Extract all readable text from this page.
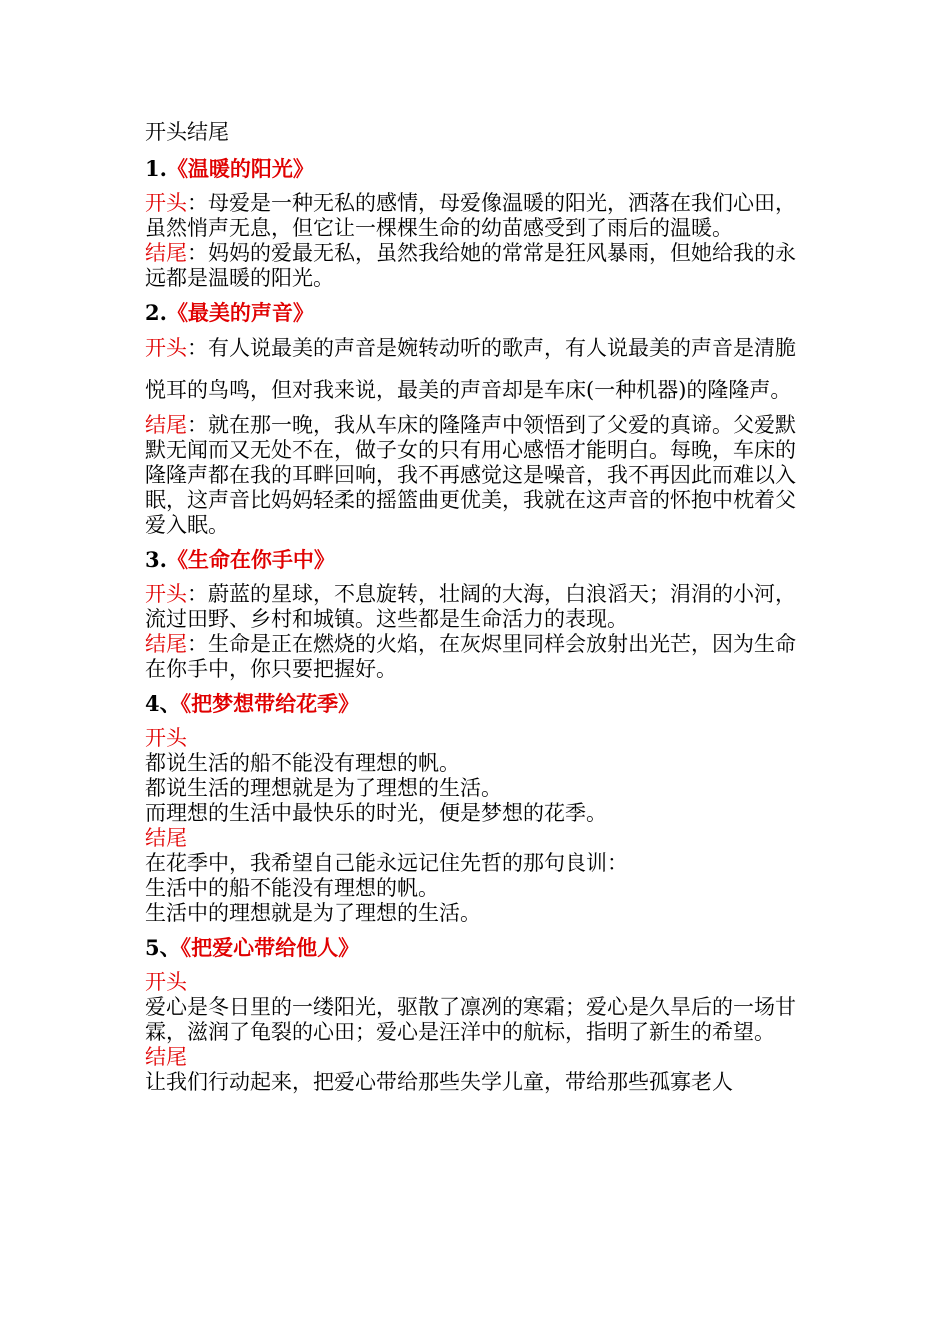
开头结尾
1.《温暖的阳光》

开头：母爱是一种无私的感情，母爱像温暖的阳光，洒落在我们心田，虽然悄声无息，但它让一棵棵生命的幼苗感受到了雨后的温暖。

结尾：妈妈的爱最无私，虽然我给她的常常是狂风暴雨，但她给我的永远都是温暖的阳光。

2.《最美的声音》

开头：有人说最美的声音是婉转动听的歌声，有人说最美的声音是清脆悦耳的鸟鸣，但对我来说，最美的声音却是车床(一种机器)的隆隆声。

结尾：就在那一晚，我从车床的隆隆声中领悟到了父爱的真谛。父爱默默无闻而又无处不在，做子女的只有用心感悟才能明白。每晚，车床的隆隆声都在我的耳畔回响，我不再感觉这是噪音，我不再因此而难以入眠，这声音比妈妈轻柔的摇篮曲更优美，我就在这声音的怀抱中枕着父爱入眠。

3.《生命在你手中》

开头：蔚蓝的星球，不息旋转，壮阔的大海，白浪滔天；涓涓的小河，流过田野、乡村和城镇。这些都是生命活力的表现。

结尾：生命是正在燃烧的火焰，在灰烬里同样会放射出光芒，因为生命在你手中，你只要把握好。

4、《把梦想带给花季》
开头
都说生活的船不能没有理想的帆。
都说生活的理想就是为了理想的生活。
而理想的生活中最快乐的时光，便是梦想的花季。
结尾
在花季中，我希望自己能永远记住先哲的那句良训：
生活中的船不能没有理想的帆。
生活中的理想就是为了理想的生活。
5、《把爱心带给他人》
开头

爱心是冬日里的一缕阳光，驱散了凛冽的寒霜；爱心是久旱后的一场甘霖，滋润了龟裂的心田；爱心是汪洋中的航标，指明了新生的希望。

结尾

让我们行动起来，把爱心带给那些失学儿童，带给那些孤寡老人
